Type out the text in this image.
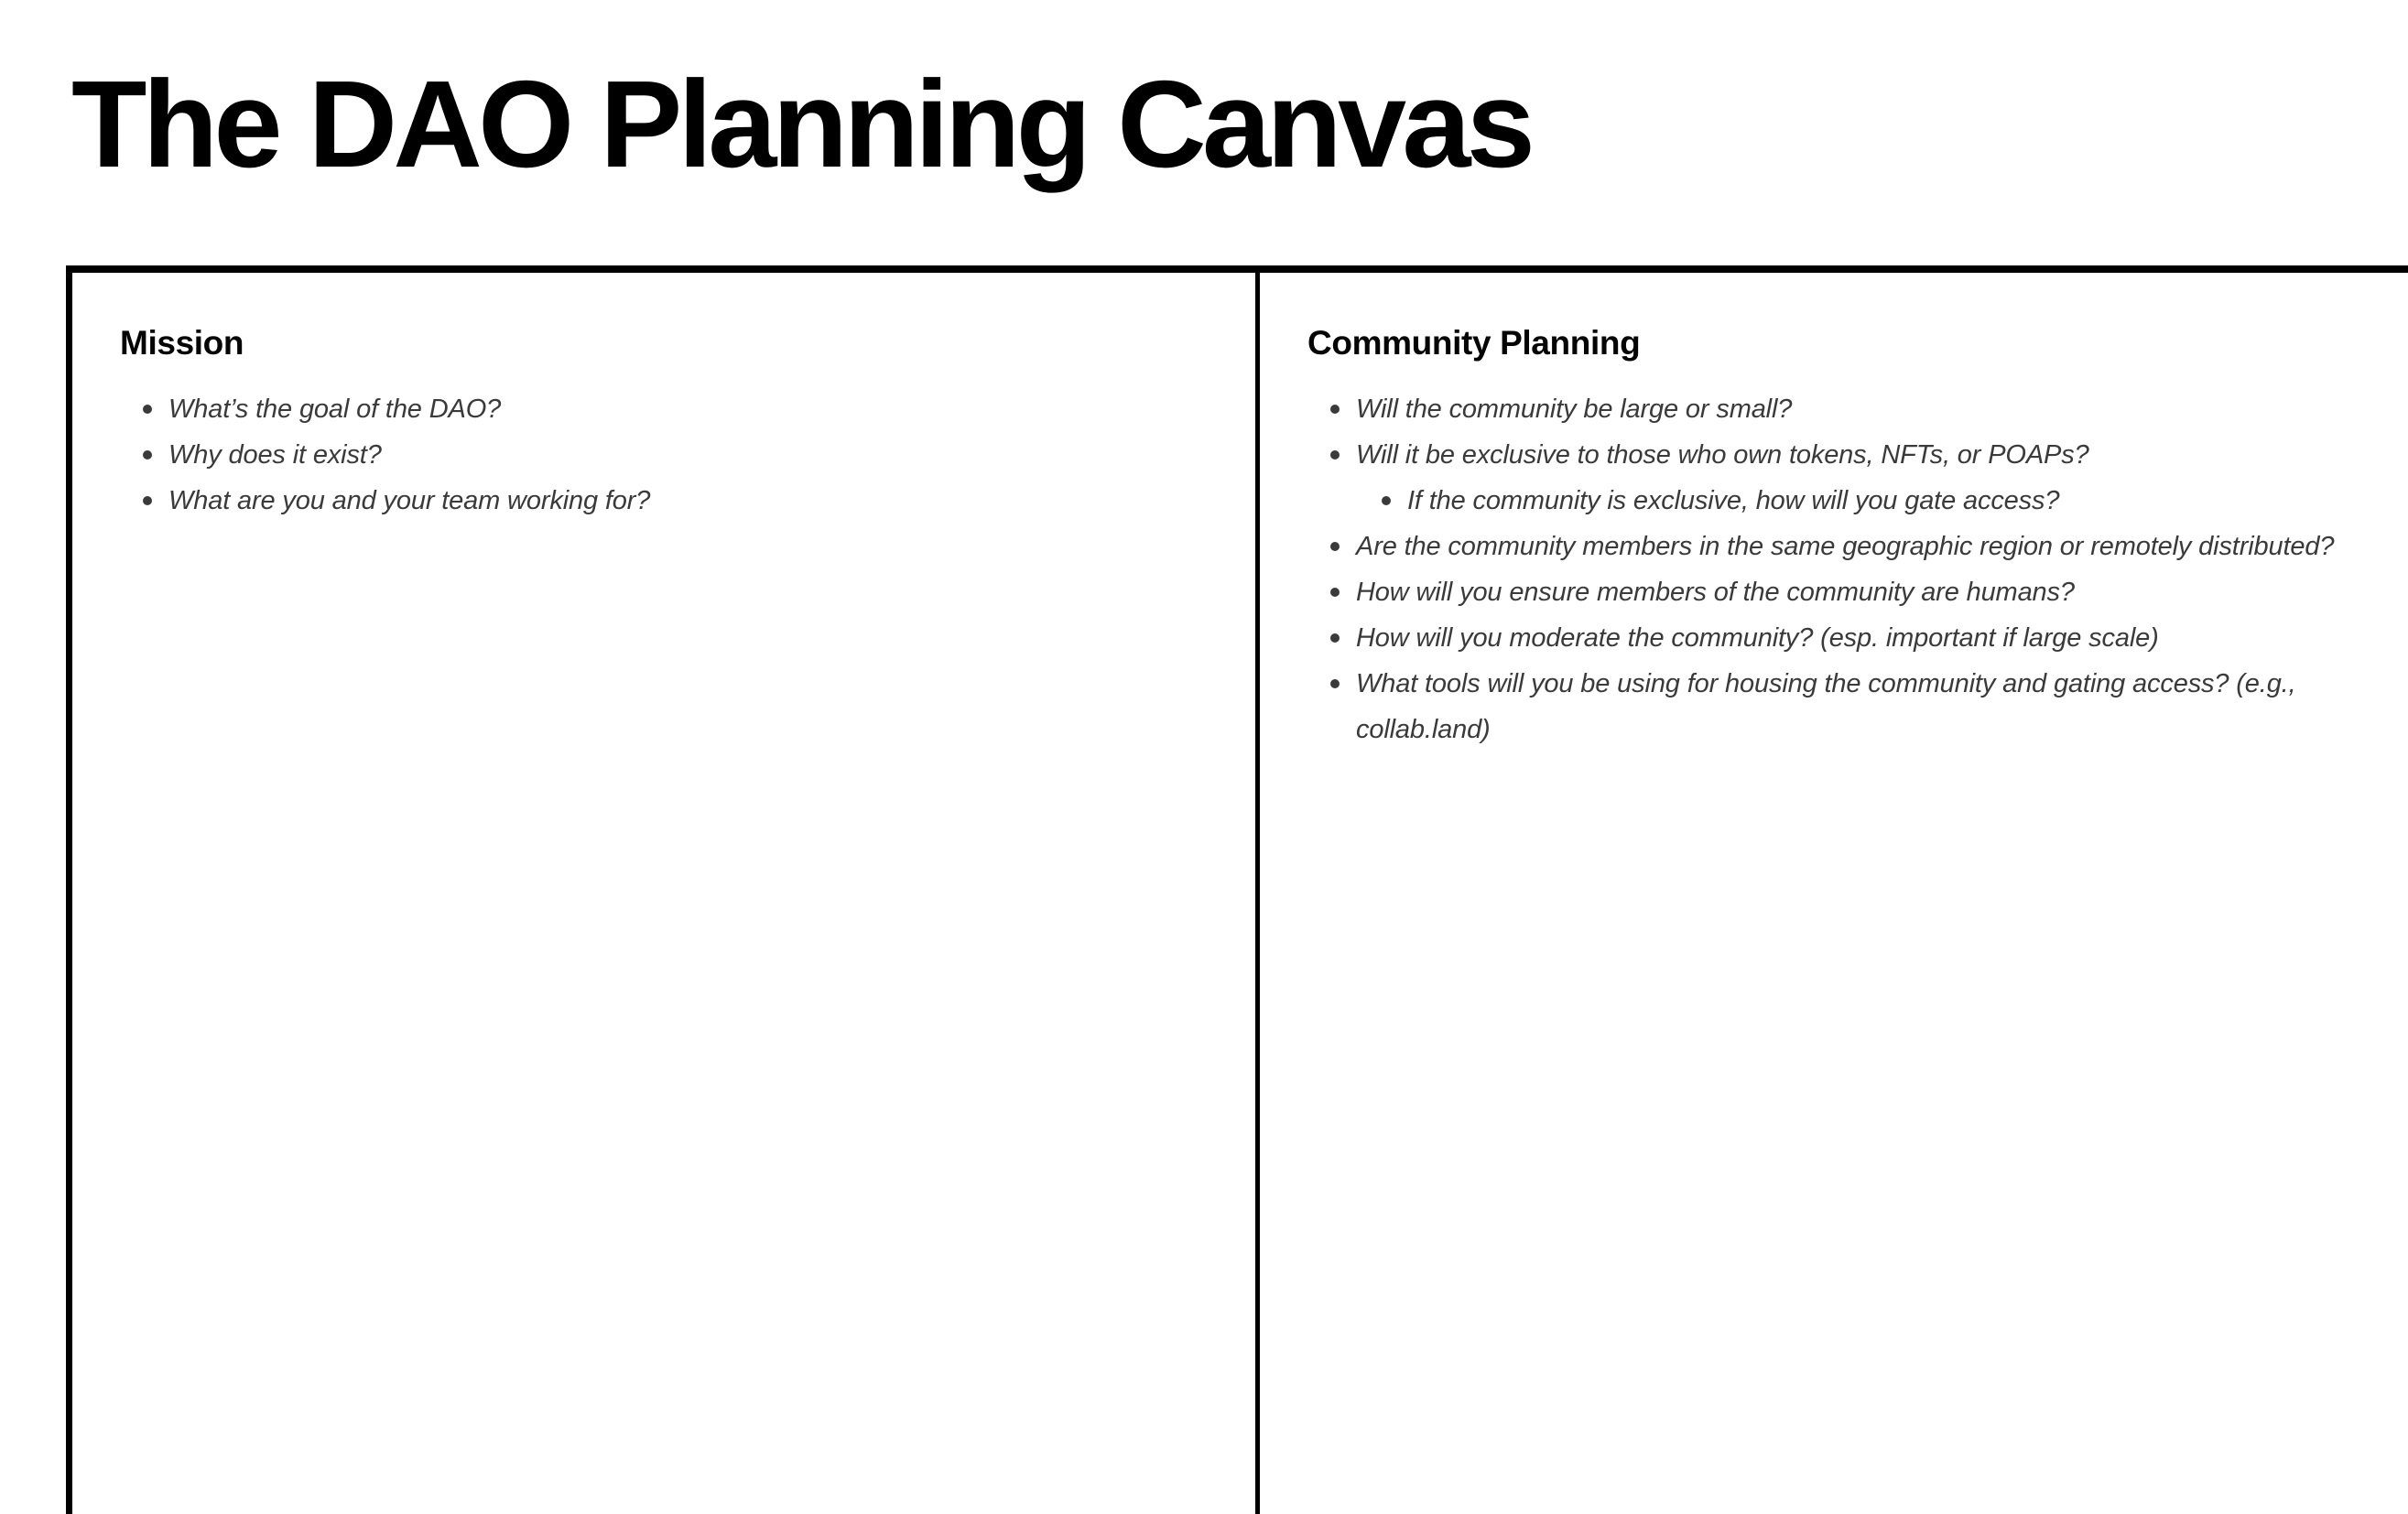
The DAO Planning Canvas
Mission
What’s the goal of the DAO?
Why does it exist?
What are you and your team working for?
Community Planning
Will the community be large or small?
Will it be exclusive to those who own tokens, NFTs, or POAPs?
If the community is exclusive, how will you gate access?
Are the community members in the same geographic region or remotely distributed?
How will you ensure members of the community are humans?
How will you moderate the community? (esp. important if large scale)
What tools will you be using for housing the community and gating access? (e.g., collab.land)
